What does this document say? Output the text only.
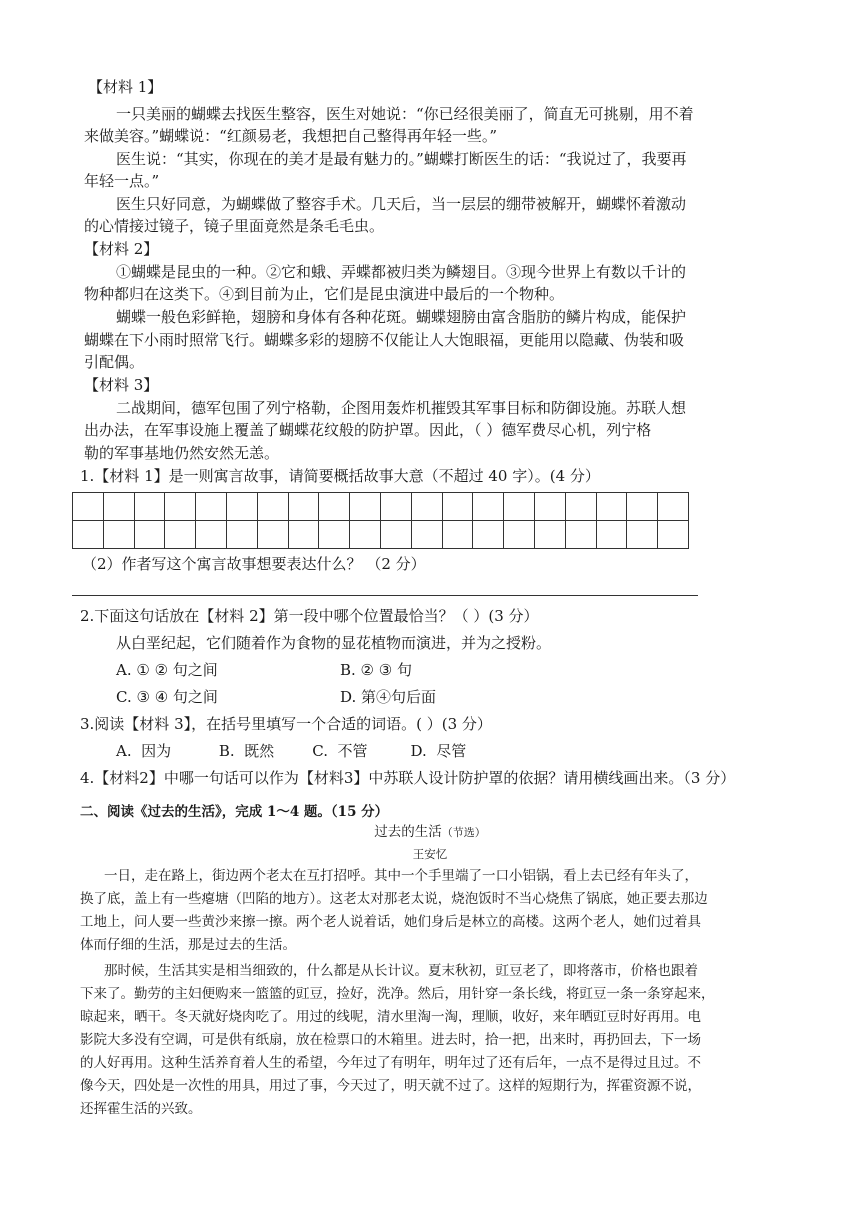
【材料 1】
一只美丽的蝴蝶去找医生整容，医生对她说：“你已经很美丽了，简直无可挑剔，用不着
来做美容。”蝴蝶说：“红颜易老，我想把自己整得再年轻一些。”
医生说：“其实，你现在的美才是最有魅力的。”蝴蝶打断医生的话：“我说过了，我要再
年轻一点。”
医生只好同意，为蝴蝶做了整容手术。几天后，当一层层的绷带被解开，蝴蝶怀着激动
的心情接过镜子，镜子里面竟然是条毛毛虫。
【材料 2】
①蝴蝶是昆虫的一种。②它和蛾、弄蝶都被归类为鳞翅目。③现今世界上有数以千计的
物种都归在这类下。④到目前为止，它们是昆虫演进中最后的一个物种。
蝴蝶一般色彩鲜艳，翅膀和身体有各种花斑。蝴蝶翅膀由富含脂肪的鳞片构成，能保护
蝴蝶在下小雨时照常飞行。蝴蝶多彩的翅膀不仅能让人大饱眼福，更能用以隐藏、伪装和吸
引配偶。
【材料 3】
二战期间，德军包围了列宁格勒，企图用轰炸机摧毁其军事目标和防御设施。苏联人想
出办法，在军事设施上覆盖了蝴蝶花纹般的防护罩。因此，（ ）德军费尽心机，列宁格
勒的军事基地仍然安然无恙。
1.【材料 1】是一则寓言故事，请简要概括故事大意（不超过 40 字）。(4 分）
（2）作者写这个寓言故事想要表达什么？ （2 分）
2.下面这句话放在【材料 2】第一段中哪个位置最恰当？（ ）(3 分）
从白垩纪起，它们随着作为食物的显花植物而演进，并为之授粉。
A. ① ② 句之间	B. ② ③ 句
C. ③ ④ 句之间	D. 第④句后面
3.阅读【材料 3】，在括号里填写一个合适的词语。( ）(3 分）
A.  因为          B.  既然        C.  不管         D.  尽管
4.【材料2】中哪一句话可以作为【材料3】中苏联人设计防护罩的依据？请用横线画出来。（3 分）
二、阅读《过去的生活》，完成 1～4 题。（15 分）
过去的生活（节选）
王安忆
一日，走在路上，街边两个老太在互打招呼。其中一个手里端了一口小铝锅，看上去已经有年头了，
换了底，盖上有一些瘪塘（凹陷的地方）。这老太对那老太说，烧泡饭时不当心烧焦了锅底，她正要去那边
工地上，问人要一些黄沙来擦一擦。两个老人说着话，她们身后是林立的高楼。这两个老人，她们过着具
体而仔细的生活，那是过去的生活。
那时候，生活其实是相当细致的，什么都是从长计议。夏末秋初，豇豆老了，即将落市，价格也跟着
下来了。勤劳的主妇便购来一篮篮的豇豆，捡好，洗净。然后，用针穿一条长线，将豇豆一条一条穿起来，
晾起来，晒干。冬天就好烧肉吃了。用过的线呢，清水里淘一淘，理顺，收好，来年晒豇豆时好再用。电
影院大多没有空调，可是供有纸扇，放在检票口的木箱里。进去时，拾一把，出来时，再扔回去，下一场
的人好再用。这种生活养育着人生的希望，今年过了有明年，明年过了还有后年，一点不是得过且过。不
像今天，四处是一次性的用具，用过了事，今天过了，明天就不过了。这样的短期行为，挥霍资源不说，
还挥霍生活的兴致。
